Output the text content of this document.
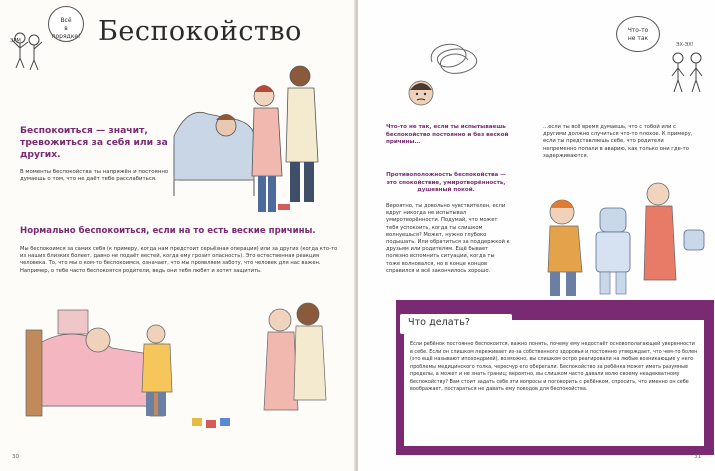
ЭРМ
Всё
в порядке! Беспокойство
Беспокоиться — значит, тревожиться за себя или за других.
В моменты беспокойства ты напряжён и постоянно думаешь о том, что не даёт тебе расслабиться.
Нормально беспокоиться, если на то есть веские причины.
Мы беспокоимся за самих себя (к примеру, когда нам предстоит серьёзная операция) или за других (когда кто-то из наших близких болеет, давно не подаёт вестей, когда ему грозит опасность). Это естественная реакция человека. То, что мы о ком-то беспокоимся, означает, что мы проявляем заботу, что человек для нас важен. Например, о тебе часто беспокоятся родители, ведь они тебя любят и хотят защитить.
30
Что-то
не так
ЭХ-ЭХ!
Что-то не так, если ты испытываешь беспокойство постоянно и без веской причины…
…если ты всё время думаешь, что с тобой или с другими должно случиться что-то плохое. К примеру, если ты представляешь себе, что родители непременно попали в аварию, как только они где-то задерживаются.
Противоположность беспокойства — это спокойствие, умиротворённость, душевный покой.
Вероятно, ты довольно чувствителен, если вдруг никогда не испытывал умиротворённости. Подумай, что может тебя успокоить, когда ты слишком волнуешься? Может, нужно глубоко подышать. Или обратиться за поддержкой к друзьям или родителям. Ещё бывает полезно вспомнить ситуации, когда ты тоже волновался, но в конце концов справился и всё закончилось хорошо.
Что делать?
Если ребёнок постоянно беспокоится, важно понять, почему ему недостаёт основополагающей уверенности в себе. Если он слишком переживает из-за собственного здоровья и постоянно утверждает, что чем-то болен (это ещё называют ипохондрией), возможно, вы слишком остро реагировали на любые возникающие у него проблемы медицинского толка, чересчур его оберегали. Беспокойство за ребёнка может иметь разумные пределы, а может и не знать границ; вероятно, вы слишком часто давали волю своему неадекватному беспокойству? Вам стоит задать себе эти вопросы и поговорить с ребёнком, спросить, что именно он себе воображает, постараться не давать ему поводов для беспокойства.
31
